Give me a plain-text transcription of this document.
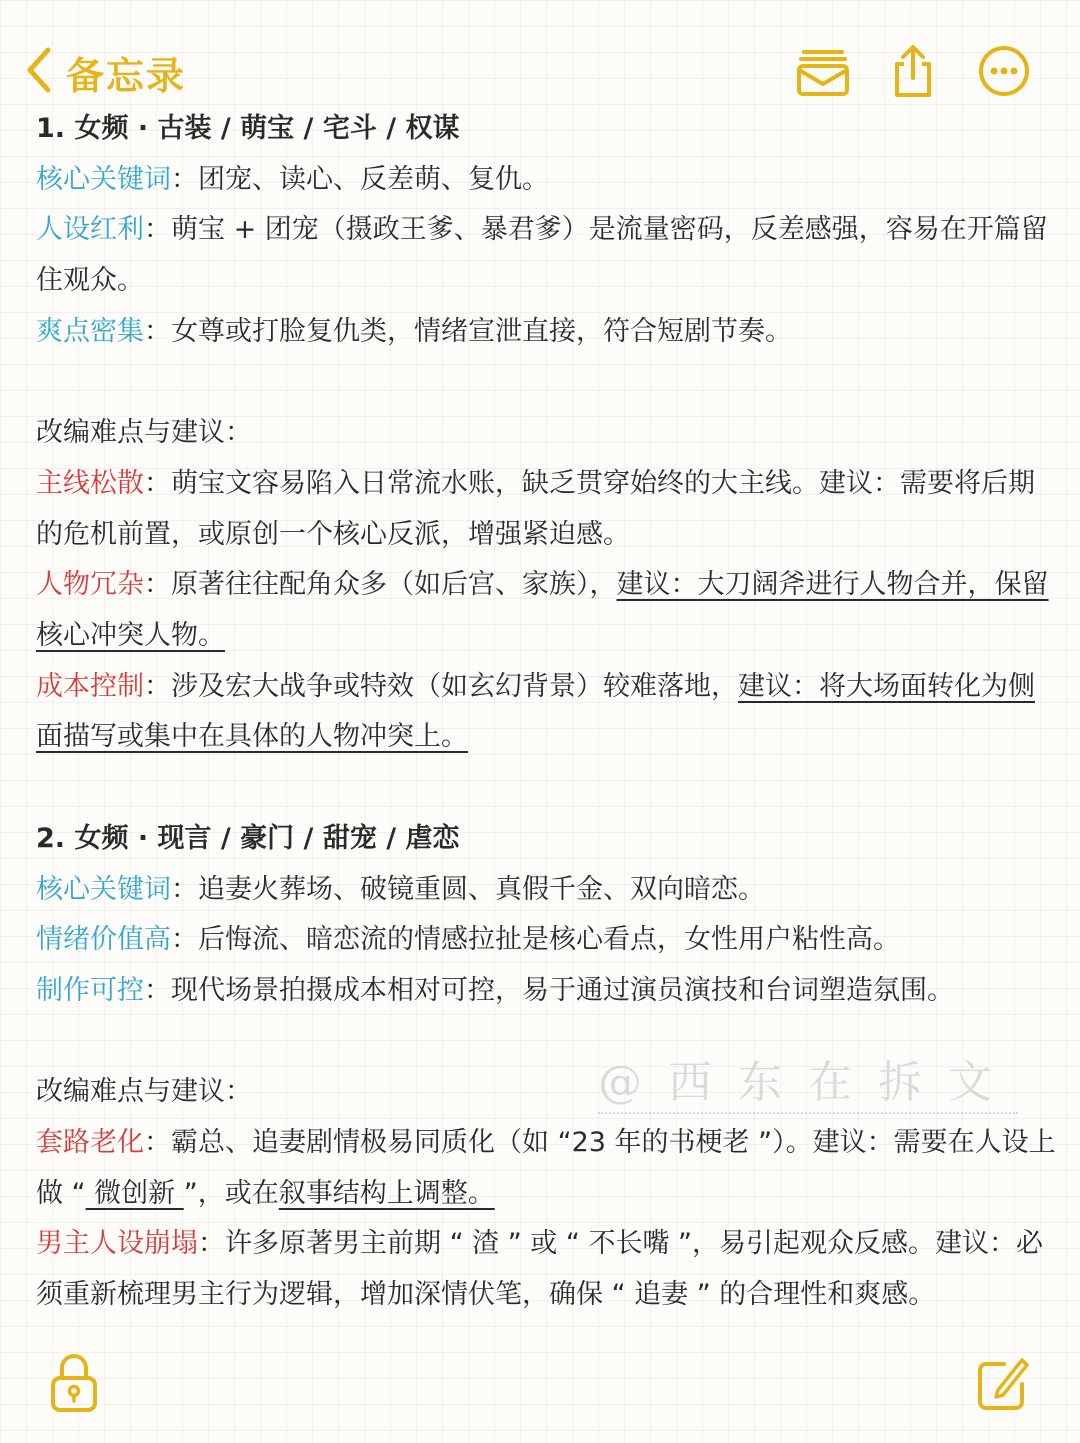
备忘录

1. 女频 · 古装 / 萌宝 / 宅斗 / 权谋

核心关键词：团宠、读心、反差萌、复仇。

人设红利：萌宝 + 团宠（摄政王爹、暴君爹）是流量密码，反差感强，容易在开篇留住观众。

爽点密集：女尊或打脸复仇类，情绪宣泄直接，符合短剧节奏。

改编难点与建议：

主线松散：萌宝文容易陷入日常流水账，缺乏贯穿始终的大主线。建议：需要将后期的危机前置，或原创一个核心反派，增强紧迫感。

人物冗杂：原著往往配角众多（如后宫、家族），建议：大刀阔斧进行人物合并，保留核心冲突人物。

成本控制：涉及宏大战争或特效（如玄幻背景）较难落地，建议：将大场面转化为侧面描写或集中在具体的人物冲突上。

2. 女频 · 现言 / 豪门 / 甜宠 / 虐恋

核心关键词：追妻火葬场、破镜重圆、真假千金、双向暗恋。

情绪价值高：后悔流、暗恋流的情感拉扯是核心看点，女性用户粘性高。

制作可控：现代场景拍摄成本相对可控，易于通过演员演技和台词塑造氛围。

改编难点与建议：

套路老化：霸总、追妻剧情极易同质化（如 “23 年的书梗老 ”）。建议：需要在人设上做 “ 微创新 ”，或在叙事结构上调整。

男主人设崩塌：许多原著男主前期 “ 渣 ” 或 “ 不长嘴 ”，易引起观众反感。建议：必须重新梳理男主行为逻辑，增加深情伏笔，确保 “ 追妻 ” 的合理性和爽感。

@西东在拆文
